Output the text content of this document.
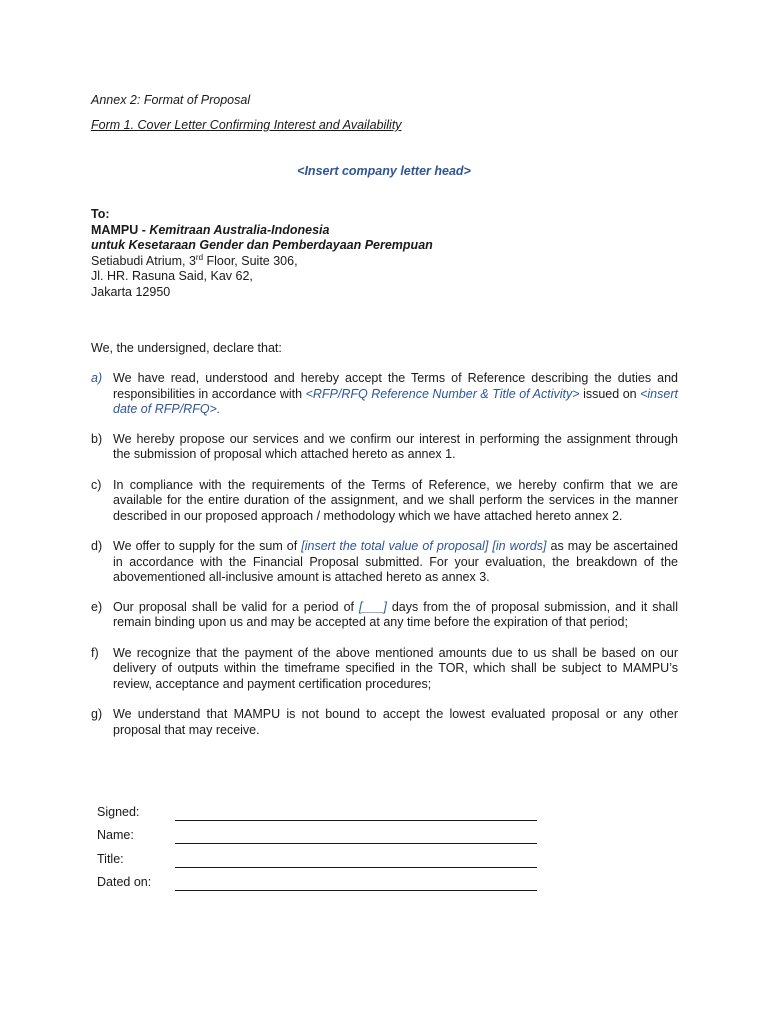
Annex 2: Format of Proposal
Form 1. Cover Letter Confirming Interest and Availability
<Insert company letter head>
To:
MAMPU - Kemitraan Australia-Indonesia
untuk Kesetaraan Gender dan Pemberdayaan Perempuan
Setiabudi Atrium, 3rd Floor, Suite 306,
Jl. HR. Rasuna Said, Kav 62,
Jakarta 12950
We, the undersigned, declare that:
a) We have read, understood and hereby accept the Terms of Reference describing the duties and responsibilities in accordance with <RFP/RFQ Reference Number & Title of Activity> issued on <insert date of RFP/RFQ>.
b) We hereby propose our services and we confirm our interest in performing the assignment through the submission of proposal which attached hereto as annex 1.
c) In compliance with the requirements of the Terms of Reference, we hereby confirm that we are available for the entire duration of the assignment, and we shall perform the services in the manner described in our proposed approach / methodology which we have attached hereto annex 2.
d) We offer to supply for the sum of [insert the total value of proposal] [in words] as may be ascertained in accordance with the Financial Proposal submitted. For your evaluation, the breakdown of the abovementioned all-inclusive amount is attached hereto as annex 3.
e) Our proposal shall be valid for a period of [___] days from the of proposal submission, and it shall remain binding upon us and may be accepted at any time before the expiration of that period;
f) We recognize that the payment of the above mentioned amounts due to us shall be based on our delivery of outputs within the timeframe specified in the TOR, which shall be subject to MAMPU’s review, acceptance and payment certification procedures;
g) We understand that MAMPU is not bound to accept the lowest evaluated proposal or any other proposal that may receive.
Signed:
Name:
Title:
Dated on:
